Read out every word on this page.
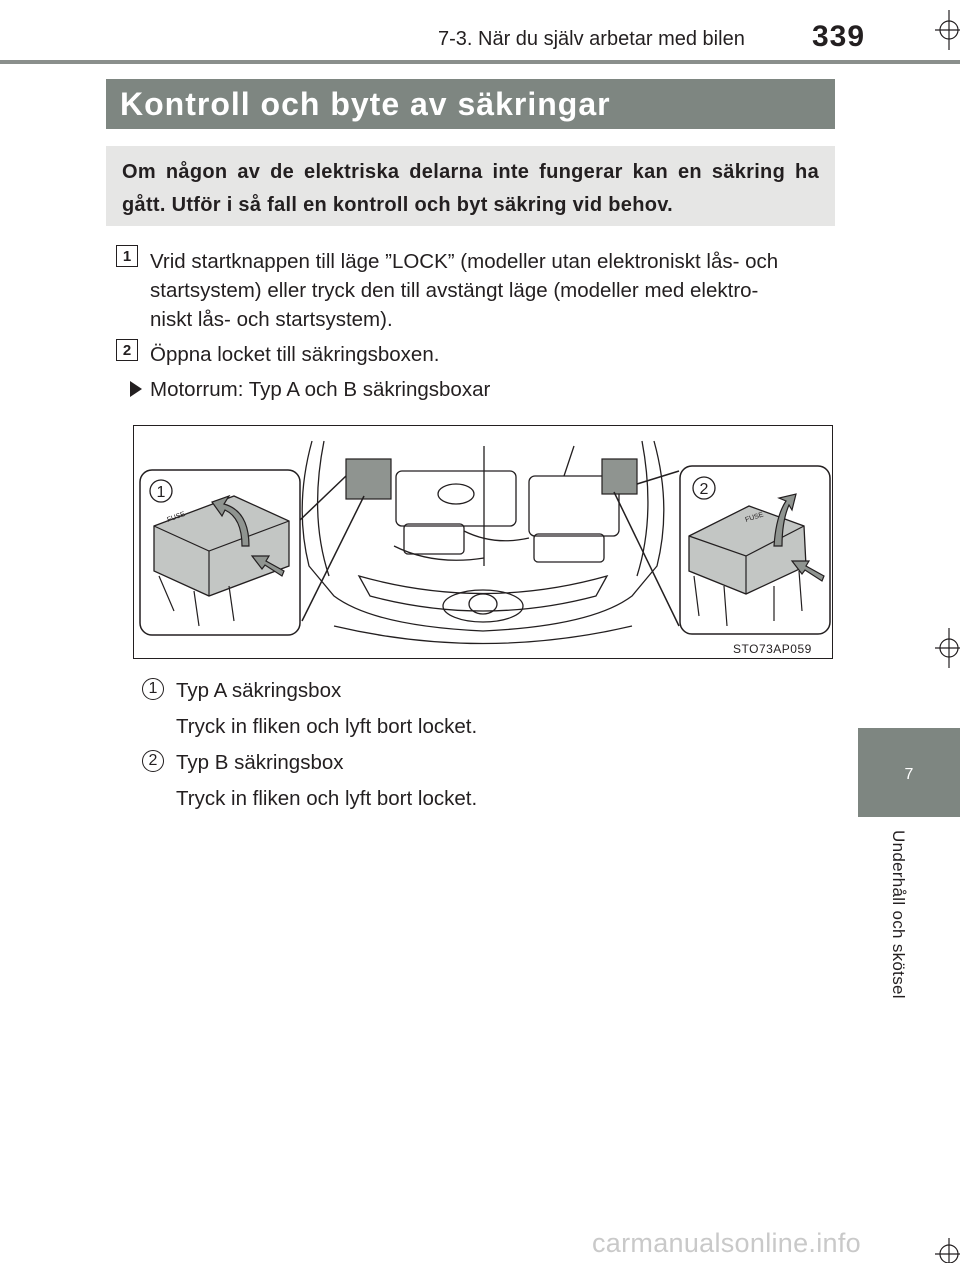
7-3. När du själv arbetar med bilen 339
Kontroll och byte av säkringar
Om någon av de elektriska delarna inte fungerar kan en säkring ha gått. Utför i så fall en kontroll och byt säkring vid behov.
1 Vrid startknappen till läge ”LOCK” (modeller utan elektroniskt lås- och
startsystem) eller tryck den till avstängt läge (modeller med elektro-
niskt lås- och startsystem).
2 Öppna locket till säkringsboxen.
Motorrum: Typ A och B säkringsboxar
FUSE
1
FUSE
2
STO73AP059
1 Typ A säkringsbox
Tryck in fliken och lyft bort locket.
2 Typ B säkringsbox
Tryck in fliken och lyft bort locket.
7
Underhåll och skötsel
carmanualsonline.info
